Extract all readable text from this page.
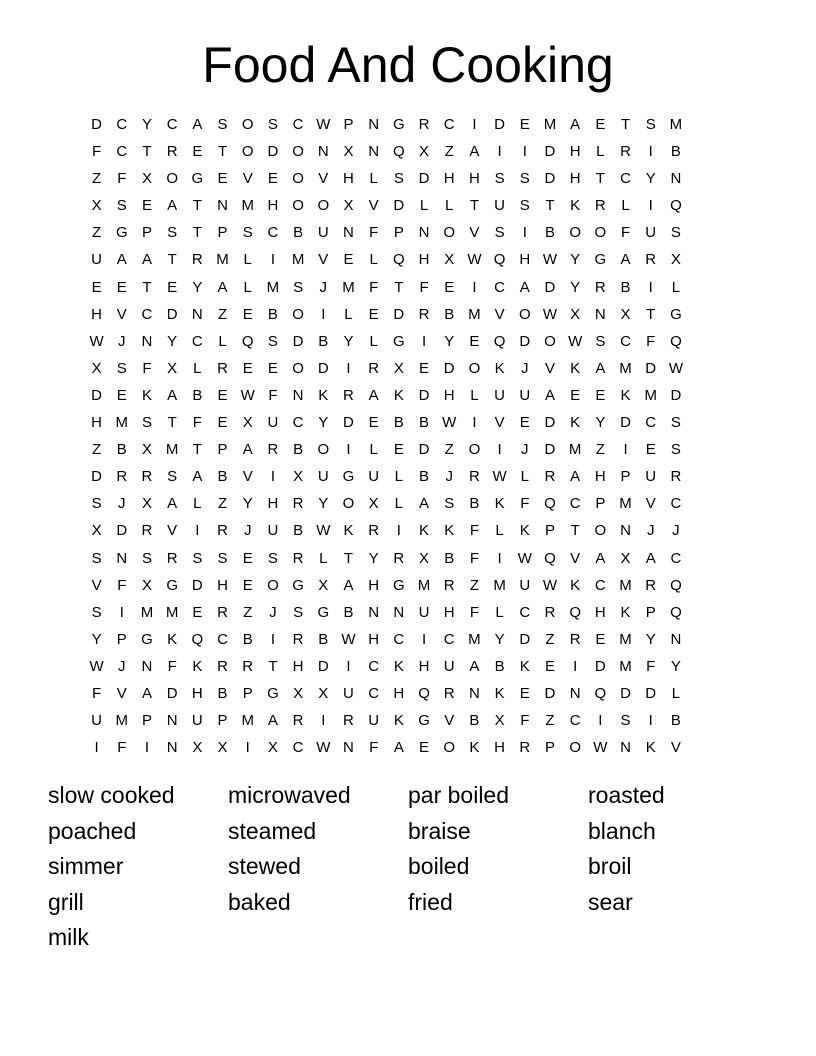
Food And Cooking
D C Y C A	S O S C W P N G R C	I	D E M A	E	T	S M
F	C	T	R E	T O D O N X N Q X	Z	A	I	I	D H	L	R	I	B
Z	F	X O G E	V	E O V H	L	S D H H S	S D H	T	C Y N
X	S	E	A	T	N M H O O X	V D	L	L	T	U S	T	K R	L	I	Q
Z G P	S	T	P	S C B U N	F	P N O V	S	I	B O O F	U S
U A	A	T	R M L	I	M V	E	L	Q H X W Q H W Y G A R X
E	E	T	E	Y	A	L M S	J	M F	T	F	E	I	C A D Y R B	I	L
H V C D N	Z	E	B O	I	L	E D R B M V O W X N X	T G
W J	N Y C	L	Q S D B	Y	L	G	I	Y	E Q D O W S C	F Q
X	S	F	X	L	R E	E O D	I	R X	E D O K	J	V	K	A M D W
D E	K	A	B	E W F	N K R A	K D H	L	U U A	E	E	K M D
H M S	T	F	E	X U C Y D E	B	B W	I	V	E D K	Y D C S
Z	B	X M T	P	A R B O	I	L	E D	Z O	I	J	D M Z	I	E	S
D R R S	A	B	V	I	X U G U	L	B	J	R W L	R A H P U R
S	J	X	A	L	Z	Y H R Y O X	L	A	S	B	K	F Q C P M V C
X D R V	I	R	J	U B W K R	I	K	K	F	L	K	P	T O N	J	J
S N S R S	S	E	S R	L	T	Y R X	B	F	I	W Q V	A	X	A C
V	F	X G D H E O G X	A H G M R	Z M U W K C M R Q
S	I	M M E R	Z	J	S G B N N U H	F	L	C R Q H K	P Q
Y	P G K Q C B	I	R B W H C	I	C M Y D	Z	R E M Y N
W J	N	F	K R R	T	H D	I	C K H U A	B	K	E	I	D M F	Y
F	V	A D H B	P G X	X U C H Q R N K	E D N Q D D	L
U M P N U P M A R	I	R U K G V	B	X	F	Z	C	I	S	I	B
I	F	I	N X	X	I	X C W N	F	A	E O K H R P O W N K	V
slow cooked	microwaved	par boiled	roasted
poached	steamed	braise	blanch
simmer	stewed	boiled	broil
grill	baked	fried	sear
milk
